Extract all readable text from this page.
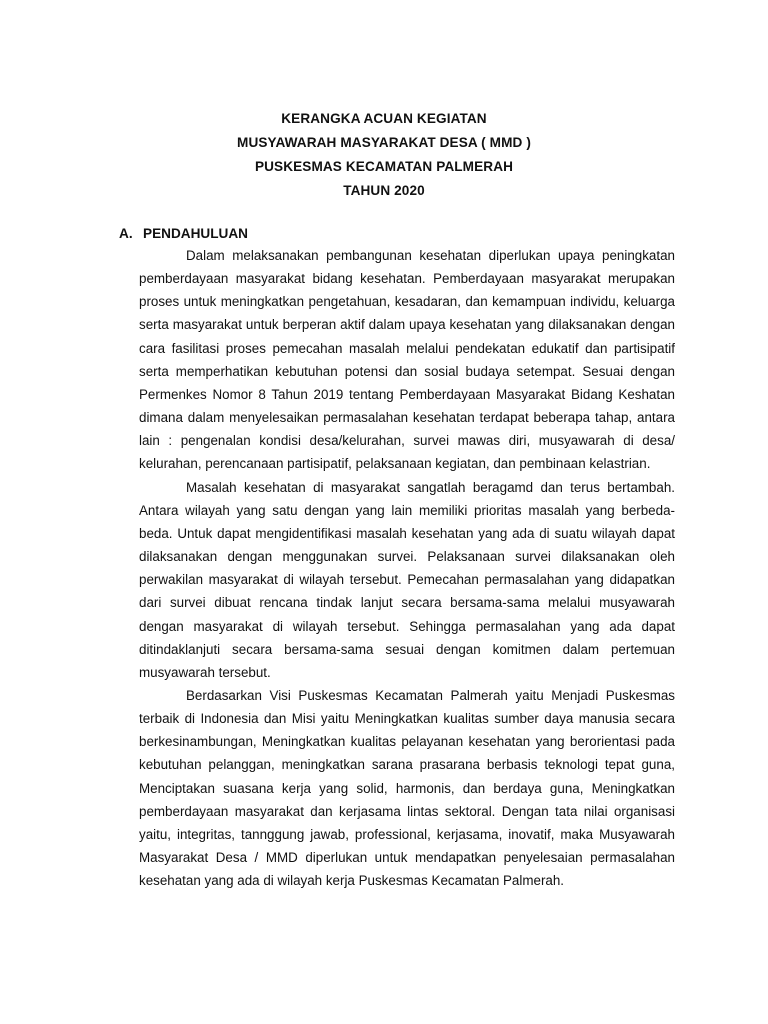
KERANGKA ACUAN KEGIATAN
MUSYAWARAH MASYARAKAT DESA ( MMD )
PUSKESMAS KECAMATAN PALMERAH
TAHUN 2020
A. PENDAHULUAN

Dalam melaksanakan pembangunan kesehatan diperlukan upaya peningkatan pemberdayaan masyarakat bidang kesehatan. Pemberdayaan masyarakat merupakan proses untuk meningkatkan pengetahuan, kesadaran, dan kemampuan individu, keluarga serta masyarakat untuk berperan aktif dalam upaya kesehatan yang dilaksanakan dengan cara fasilitasi proses pemecahan masalah melalui pendekatan edukatif dan partisipatif serta memperhatikan kebutuhan potensi dan sosial budaya setempat. Sesuai dengan Permenkes Nomor 8 Tahun 2019 tentang Pemberdayaan Masyarakat Bidang Keshatan dimana dalam menyelesaikan permasalahan kesehatan terdapat beberapa tahap, antara lain : pengenalan kondisi desa/kelurahan, survei mawas diri, musyawarah di desa/ kelurahan, perencanaan partisipatif, pelaksanaan kegiatan, dan pembinaan kelastrian.

Masalah kesehatan di masyarakat sangatlah beragamd dan terus bertambah. Antara wilayah yang satu dengan yang lain memiliki prioritas masalah yang berbeda-beda. Untuk dapat mengidentifikasi masalah kesehatan yang ada di suatu wilayah dapat dilaksanakan dengan menggunakan survei. Pelaksanaan survei dilaksanakan oleh perwakilan masyarakat di wilayah tersebut. Pemecahan permasalahan yang didapatkan dari survei dibuat rencana tindak lanjut secara bersama-sama melalui musyawarah dengan masyarakat di wilayah tersebut. Sehingga permasalahan yang ada dapat ditindaklanjuti secara bersama-sama sesuai dengan komitmen dalam pertemuan musyawarah tersebut.

Berdasarkan Visi Puskesmas Kecamatan Palmerah yaitu Menjadi Puskesmas terbaik di Indonesia dan Misi yaitu Meningkatkan kualitas sumber daya manusia secara berkesinambungan, Meningkatkan kualitas pelayanan kesehatan yang berorientasi pada kebutuhan pelanggan, meningkatkan sarana prasarana berbasis teknologi tepat guna, Menciptakan suasana kerja yang solid, harmonis, dan berdaya guna, Meningkatkan pemberdayaan masyarakat dan kerjasama lintas sektoral. Dengan tata nilai organisasi yaitu, integritas, tannggung jawab, professional, kerjasama, inovatif, maka Musyawarah Masyarakat Desa / MMD diperlukan untuk mendapatkan penyelesaian permasalahan kesehatan yang ada di wilayah kerja Puskesmas Kecamatan Palmerah.
